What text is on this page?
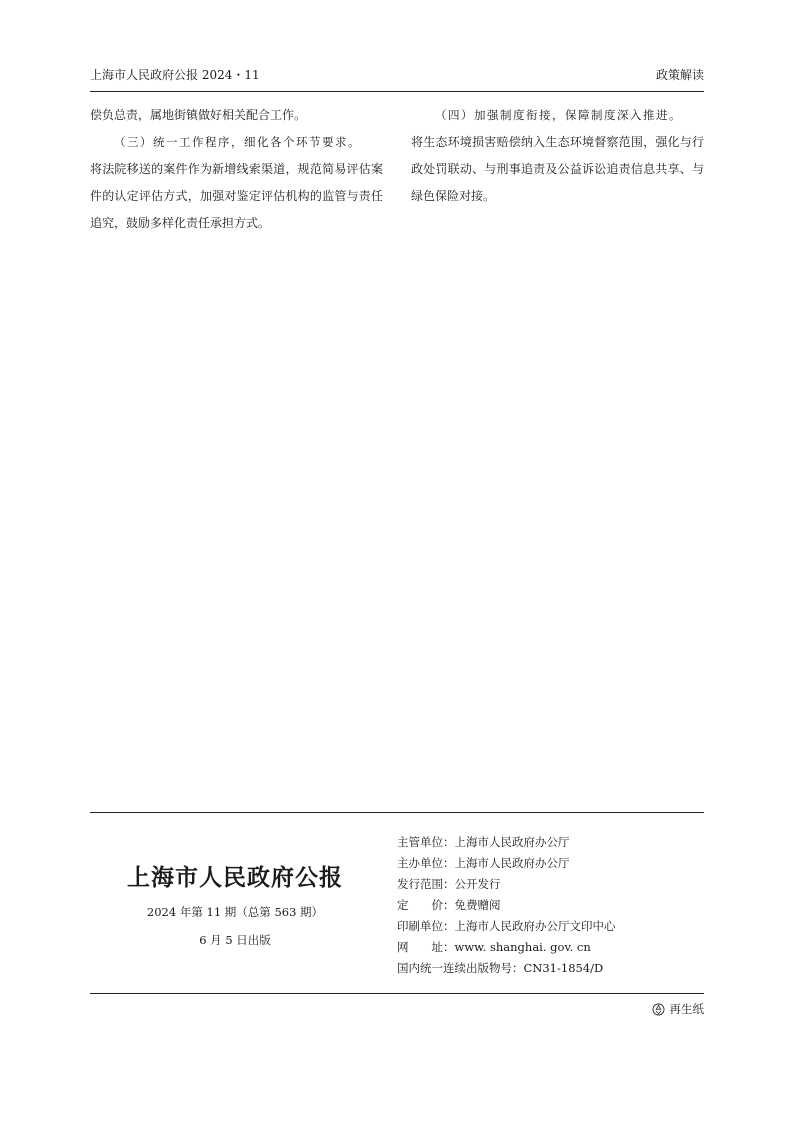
上海市人民政府公报 2024・11	政策解读

偿负总责，属地街镇做好相关配合工作。

（三）统一工作程序，细化各个环节要求。

将法院移送的案件作为新增线索渠道，规范简易评估案件的认定评估方式，加强对鉴定评估机构的监管与责任追究，鼓励多样化责任承担方式。

（四）加强制度衔接，保障制度深入推进。

将生态环境损害赔偿纳入生态环境督察范围，强化与行政处罚联动、与刑事追责及公益诉讼追责信息共享、与绿色保险对接。

上海市人民政府公报
2024 年第 11 期（总第 563 期）
6 月 5 日出版
主管单位： 上海市人民政府办公厅
主办单位： 上海市人民政府办公厅
发行范围： 公开发行
定　　价： 免费赠阅
印刷单位： 上海市人民政府办公厅文印中心
网　　址： www. shanghai. gov. cn
国内统一连续出版物号： CN31-1854/D
再生纸
